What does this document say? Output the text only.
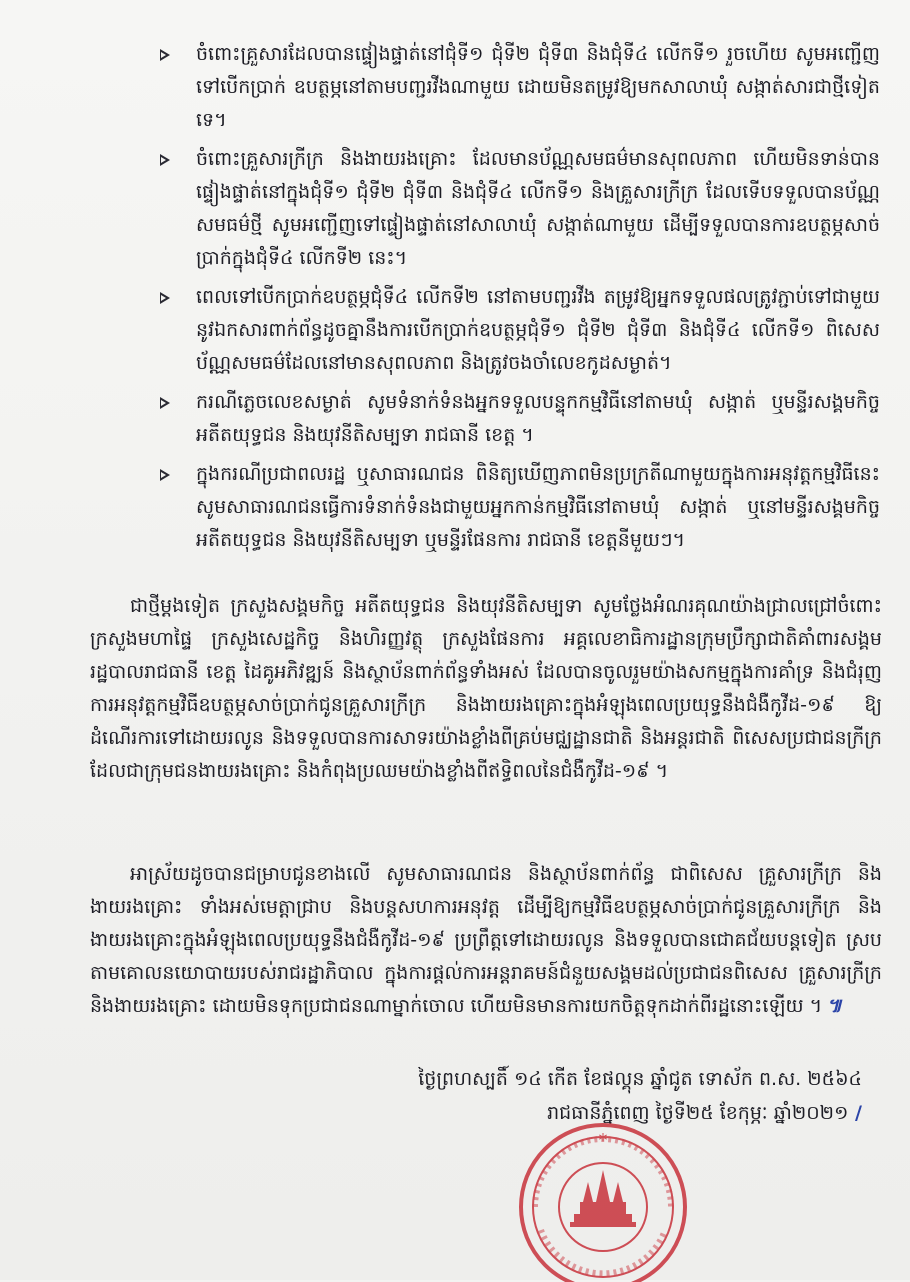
ចំពោះគ្រួសារដែលបានផ្ទៀងផ្ទាត់នៅជុំទី១ ជុំទី២ ជុំទី៣ និងជុំទី៤ លើកទី១ រួចហើយ សូមអញ្ជើញទៅបើកប្រាក់ ឧបត្ថម្ភនៅតាមបញ្ជរវីងណាមួយ ដោយមិនតម្រូវឱ្យមកសាលាឃុំ សង្កាត់សារជាថ្មីទៀតទេ។
ចំពោះគ្រួសារក្រីក្រ និងងាយរងគ្រោះ ដែលមានប័ណ្ណសមធម៌មានសុពលភាព ហើយមិនទាន់បានផ្ទៀងផ្ទាត់នៅក្នុងជុំទី១ ជុំទី២ ជុំទី៣ និងជុំទី៤ លើកទី១ និងគ្រួសារក្រីក្រ ដែលទើបទទួលបានប័ណ្ណសមធម៌ថ្មី សូមអញ្ជើញទៅផ្ទៀងផ្ទាត់នៅសាលាឃុំ សង្កាត់ណាមួយ ដើម្បីទទួលបានការឧបត្ថម្ភសាច់ប្រាក់ក្នុងជុំទី៤ លើកទី២ នេះ។
ពេលទៅបើកប្រាក់ឧបត្ថម្ភជុំទី៤ លើកទី២ នៅតាមបញ្ជរវីង តម្រូវឱ្យអ្នកទទួលផលត្រូវភ្ជាប់ទៅជាមួយនូវឯកសារពាក់ព័ន្ធដូចគ្នានឹងការបើកប្រាក់ឧបត្ថម្ភជុំទី១ ជុំទី២ ជុំទី៣ និងជុំទី៤ លើកទី១ ពិសេសប័ណ្ណសមធម៌ដែលនៅមានសុពលភាព និងត្រូវចងចាំលេខកូដសម្ងាត់។
ករណីភ្លេចលេខសម្ងាត់ សូមទំនាក់ទំនងអ្នកទទួលបន្ទុកកម្មវិធីនៅតាមឃុំ សង្កាត់ ឬមន្ទីរសង្គមកិច្ច អតីតយុទ្ធជន និងយុវនីតិសម្បទា រាជធានី ខេត្ត ។
ក្នុងករណីប្រជាពលរដ្ឋ ឬសាធារណជន ពិនិត្យឃើញភាពមិនប្រក្រតីណាមួយក្នុងការអនុវត្តកម្មវិធីនេះ សូមសាធារណជនធ្វើការទំនាក់ទំនងជាមួយអ្នកកាន់កម្មវិធីនៅតាមឃុំ សង្កាត់ ឬនៅមន្ទីរសង្គមកិច្ច អតីតយុទ្ធជន និងយុវនីតិសម្បទា ឬមន្ទីរផែនការ រាជធានី ខេត្តនីមួយៗ។
ជាថ្មីម្តងទៀត ក្រសួងសង្គមកិច្ច អតីតយុទ្ធជន និងយុវនីតិសម្បទា សូមថ្លែងអំណរគុណយ៉ាងជ្រាលជ្រៅចំពោះក្រសួងមហាផ្ទៃ ក្រសួងសេដ្ឋកិច្ច និងហិរញ្ញវត្ថុ ក្រសួងផែនការ អគ្គលេខាធិការដ្ឋានក្រុមប្រឹក្សាជាតិគាំពារសង្គម រដ្ឋបាលរាជធានី ខេត្ត ដៃគូអភិវឌ្ឍន៍ និងស្ថាប័នពាក់ព័ន្ធទាំងអស់ ដែលបានចូលរួមយ៉ាងសកម្មក្នុងការគាំទ្រ និងជំរុញការអនុវត្តកម្មវិធីឧបត្ថម្ភសាច់ប្រាក់ជូនគ្រួសារក្រីក្រ និងងាយរងគ្រោះក្នុងអំឡុងពេលប្រយុទ្ធនឹងជំងឺកូវីដ-១៩ ឱ្យដំណើរការទៅដោយរលូន និងទទួលបានការសាទរយ៉ាងខ្លាំងពីគ្រប់មជ្ឈដ្ឋានជាតិ និងអន្តរជាតិ ពិសេសប្រជាជនក្រីក្រដែលជាក្រុមជនងាយរងគ្រោះ និងកំពុងប្រឈមយ៉ាងខ្លាំងពីឥទ្ធិពលនៃជំងឺកូវីដ-១៩ ។
អាស្រ័យដូចបានជម្រាបជូនខាងលើ សូមសាធារណជន និងស្ថាប័នពាក់ព័ន្ធ ជាពិសេស គ្រួសារក្រីក្រ និងងាយរងគ្រោះ ទាំងអស់មេត្តាជ្រាប និងបន្តសហការអនុវត្ត ដើម្បីឱ្យកម្មវិធីឧបត្ថម្ភសាច់ប្រាក់ជូនគ្រួសារក្រីក្រ និងងាយរងគ្រោះក្នុងអំឡុងពេលប្រយុទ្ធនឹងជំងឺកូវីដ-១៩ ប្រព្រឹត្តទៅដោយរលូន និងទទួលបានជោគជ័យបន្តទៀត ស្របតាមគោលនយោបាយរបស់រាជរដ្ឋាភិបាល ក្នុងការផ្តល់ការអន្តរាគមន៍ជំនួយសង្គមដល់ប្រជាជនពិសេស គ្រួសារក្រីក្រ និងងាយរងគ្រោះ ដោយមិនទុកប្រជាជនណាម្នាក់ចោល ហើយមិនមានការយកចិត្តទុកដាក់ពីរដ្ឋនោះឡើយ ។ ៕
ថ្ងៃព្រហស្បតិ៍ ១៤ កើត ខែផល្គុន ឆ្នាំជូត ទោស័ក ព.ស. ២៥៦៤
រាជធានីភ្នំពេញ ថ្ងៃទី២៥ ខែកុម្ភៈ ឆ្នាំ២០២១ /
*
